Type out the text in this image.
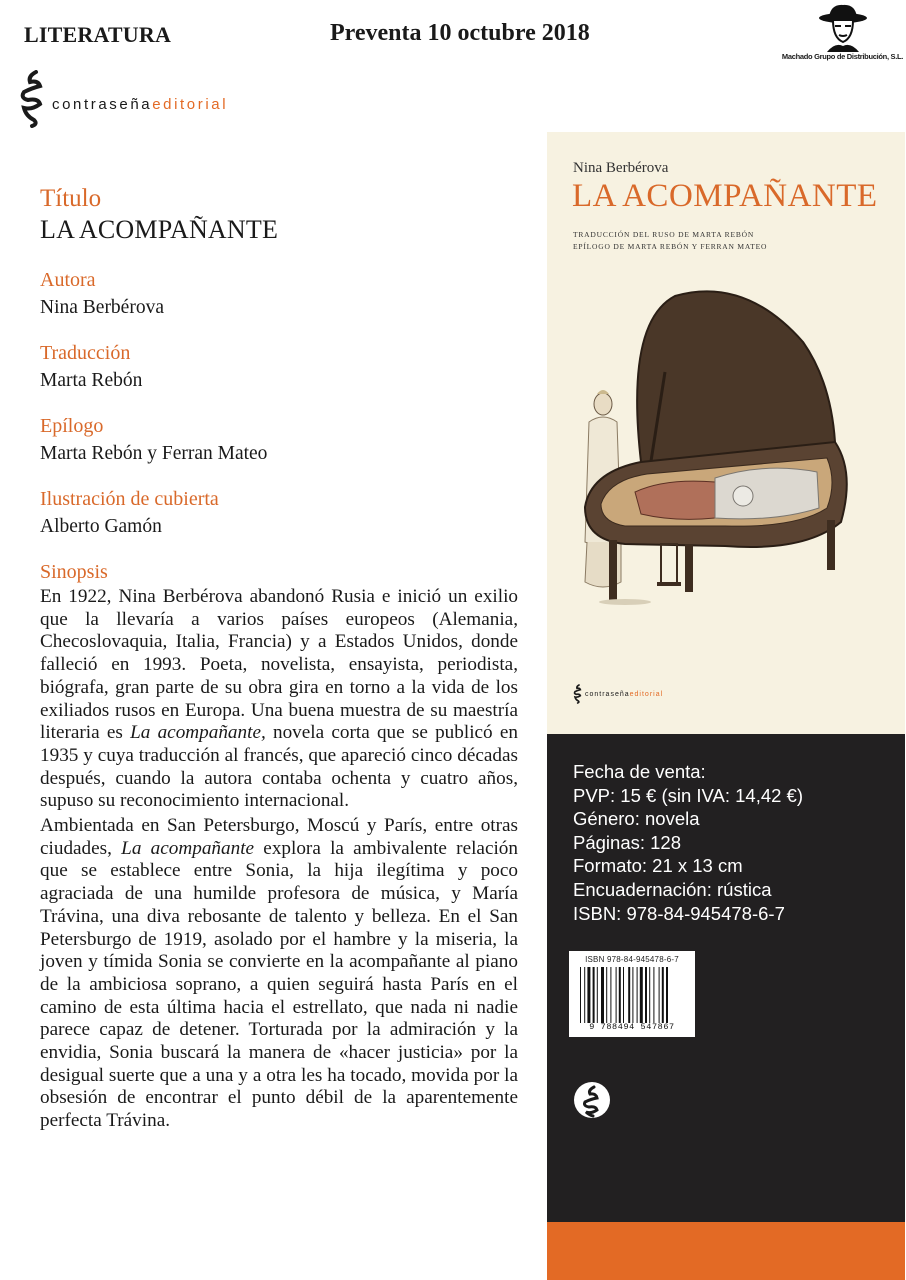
LITERATURA	Preventa 10 octubre 2018
Machado Grupo de Distribución, S.L.
contraseñaeditorial
Título
LA ACOMPAÑANTE
Autora
Nina Berbérova
Traducción
Marta Rebón
Epílogo
Marta Rebón y Ferran Mateo
Ilustración de cubierta
Alberto Gamón
Sinopsis

En 1922, Nina Berbérova abandonó Rusia e inició un exilio que la llevaría a varios países europeos (Alemania, Checoslovaquia, Italia, Francia) y a Estados Unidos, donde falleció en 1993. Poeta, novelista, ensayista, periodista, biógrafa, gran parte de su obra gira en torno a la vida de los exiliados rusos en Europa. Una buena muestra de su maestría literaria es La acompañante, novela corta que se publicó en 1935 y cuya traducción al francés, que apareció cinco décadas después, cuando la autora contaba ochenta y cuatro años, supuso su reconocimiento internacional.

Ambientada en San Petersburgo, Moscú y París, entre otras ciudades, La acompañante explora la ambivalente relación que se establece entre Sonia, la hija ilegítima y poco agraciada de una humilde profesora de música, y María Trávina, una diva rebosante de talento y belleza. En el San Petersburgo de 1919, asolado por el hambre y la miseria, la joven y tímida Sonia se convierte en la acompañante al piano de la ambiciosa soprano, a quien seguirá hasta París en el camino de esta última hacia el estrellato, que nada ni nadie parece capaz de detener. Torturada por la admiración y la envidia, Sonia buscará la manera de «hacer justicia» por la desigual suerte que a una y a otra les ha tocado, movida por la obsesión de encontrar el punto débil de la aparentemente perfecta Trávina.

Nina Berbérova
LA ACOMPAÑANTE
TRADUCCIÓN DEL RUSO DE MARTA REBÓN
EPÍLOGO DE MARTA REBÓN Y FERRAN MATEO
contraseñaeditorial
Fecha de venta:
PVP: 15 € (sin IVA: 14,42 €)
Género: novela
Páginas: 128
Formato: 21 x 13 cm
Encuadernación: rústica
ISBN: 978-84-945478-6-7
ISBN 978-84-945478-6-7
9 788494 547867
